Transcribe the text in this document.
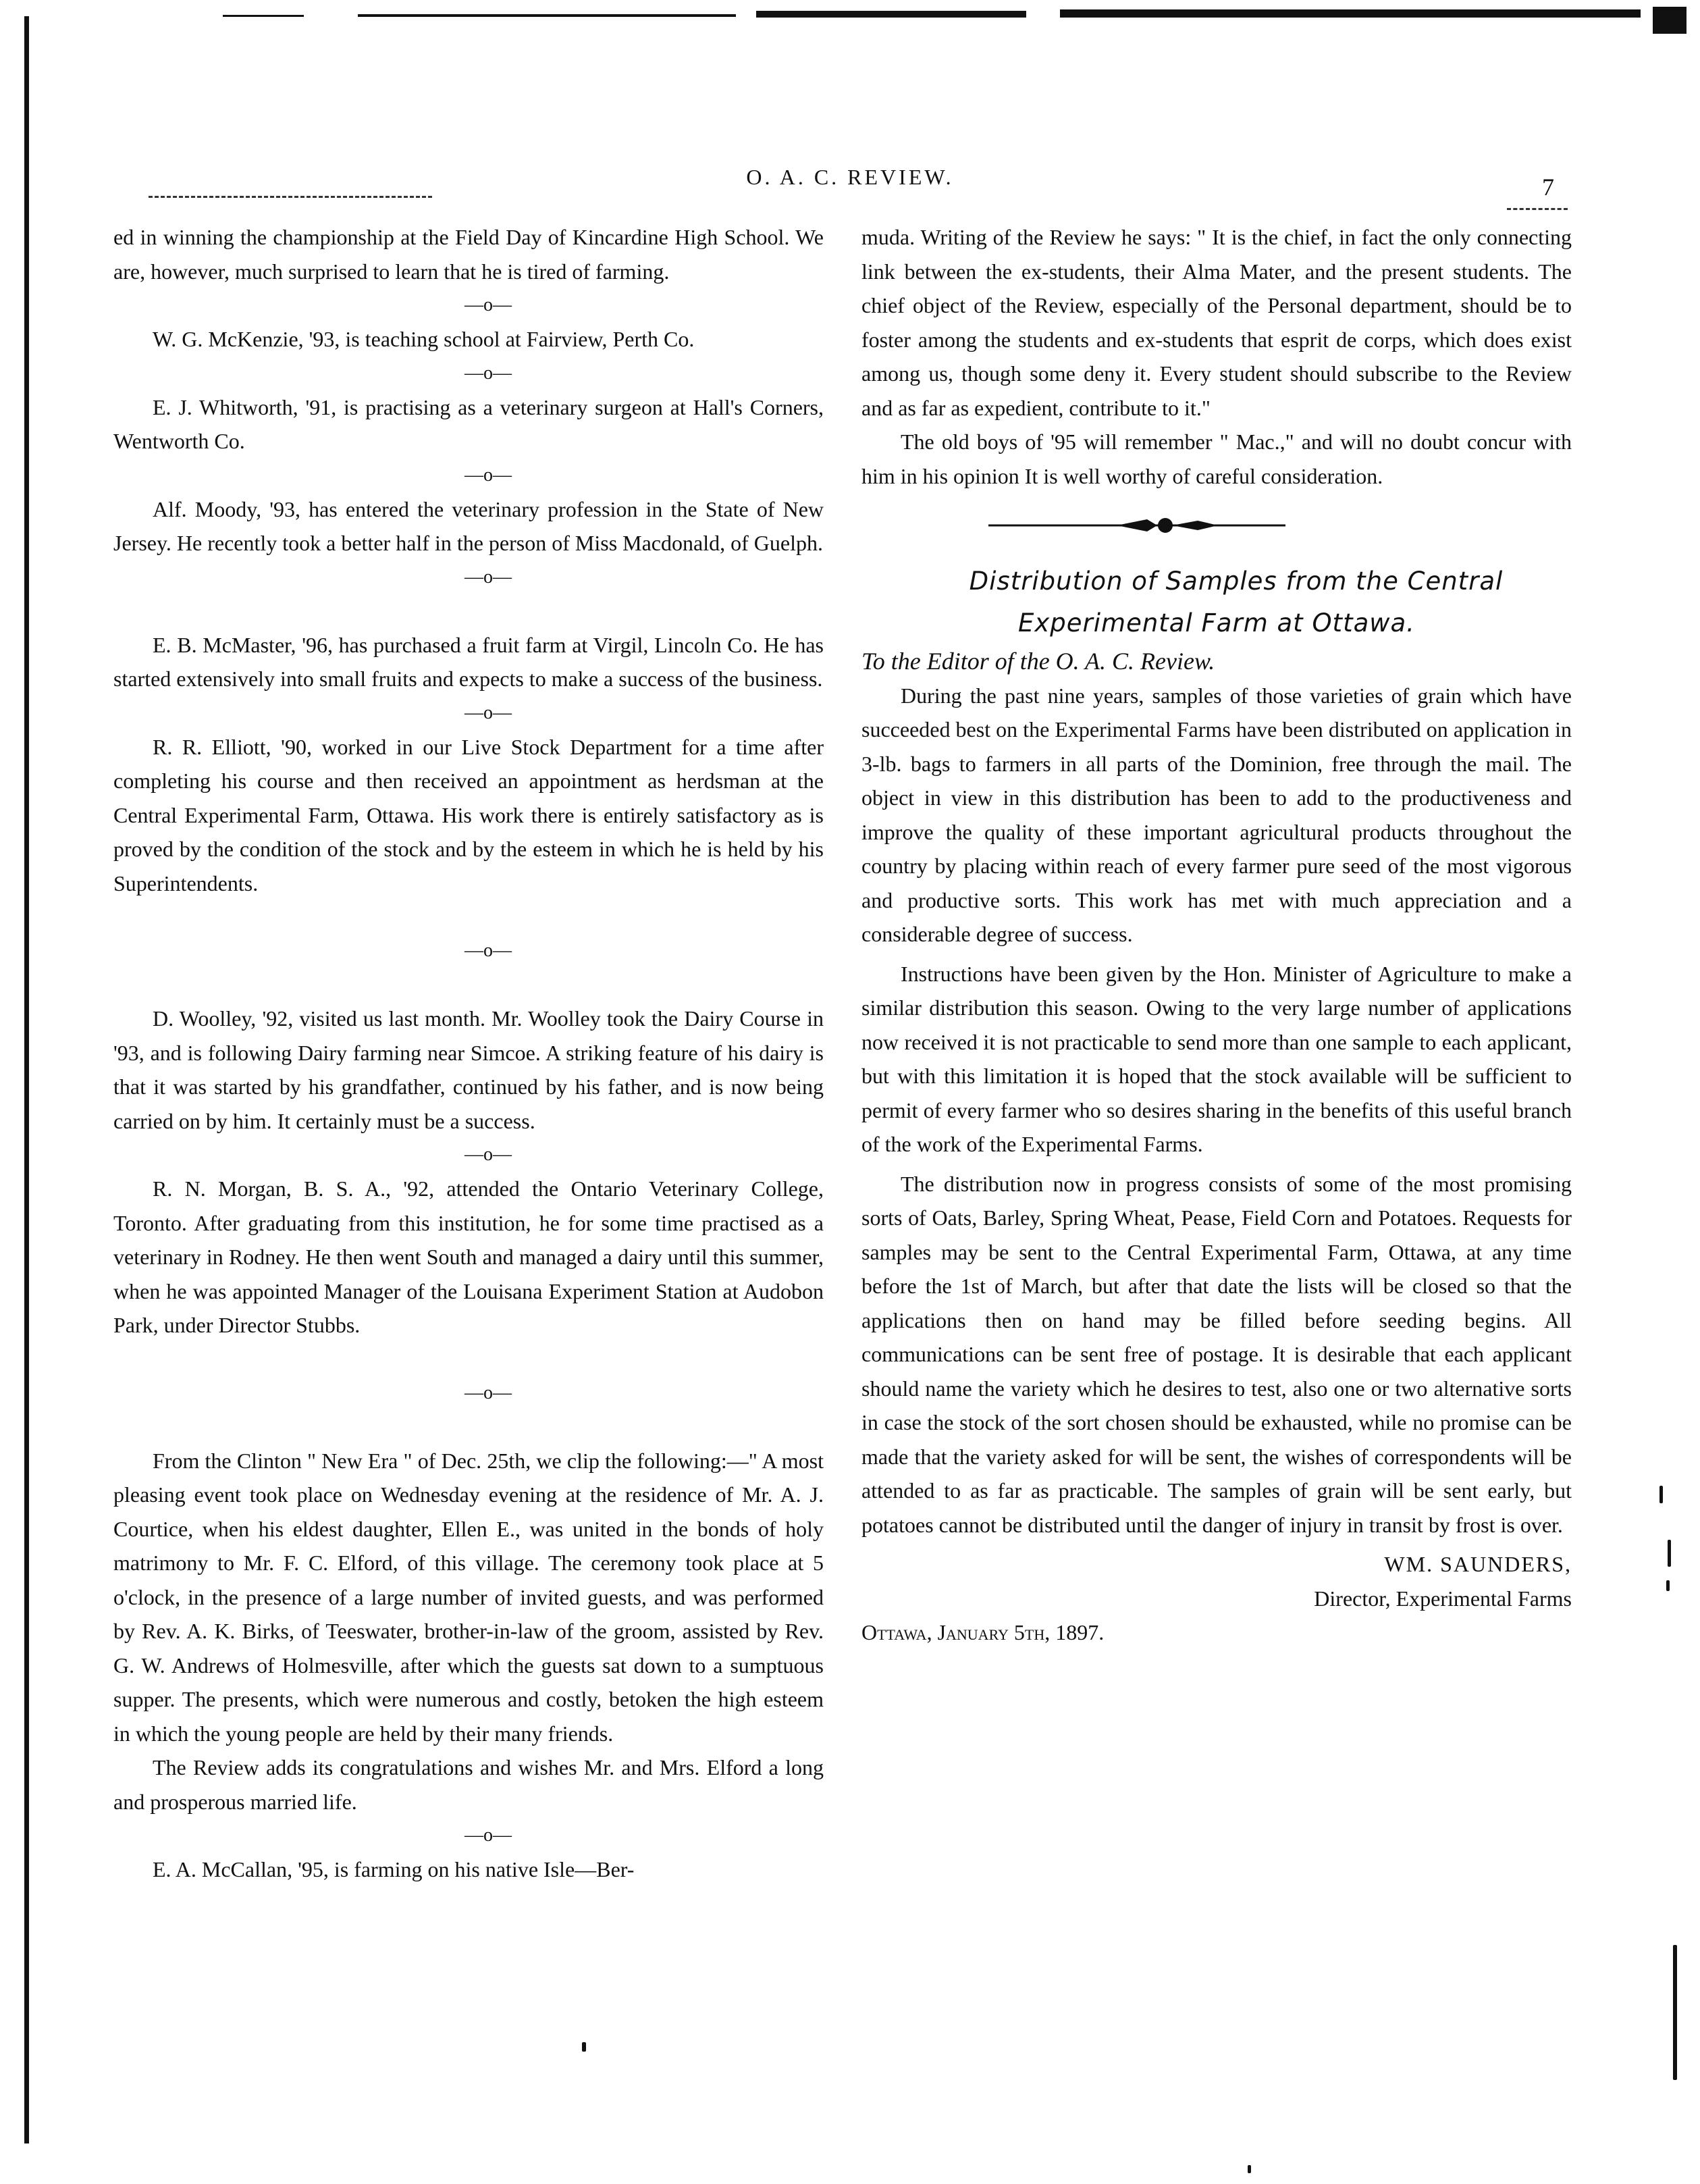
O. A. C. REVIEW.	7

ed in winning the championship at the Field Day of Kincardine High School. We are, however, much surprised to learn that he is tired of farming.

—o—

W. G. McKenzie, '93, is teaching school at Fairview, Perth Co.

—o—

E. J. Whitworth, '91, is practising as a veterinary surgeon at Hall's Corners, Wentworth Co.

—o—

Alf. Moody, '93, has entered the veterinary profession in the State of New Jersey. He recently took a better half in the person of Miss Macdonald, of Guelph.

—o—

E. B. McMaster, '96, has purchased a fruit farm at Virgil, Lincoln Co. He has started extensively into small fruits and expects to make a success of the business.

—o—

R. R. Elliott, '90, worked in our Live Stock Department for a time after completing his course and then received an appointment as herdsman at the Central Experimental Farm, Ottawa. His work there is entirely satisfactory as is proved by the condition of the stock and by the esteem in which he is held by his Superintendents.

—o—

D. Woolley, '92, visited us last month. Mr. Woolley took the Dairy Course in '93, and is following Dairy farming near Simcoe. A striking feature of his dairy is that it was started by his grandfather, continued by his father, and is now being carried on by him. It certainly must be a success.

—o—

R. N. Morgan, B. S. A., '92, attended the Ontario Veterinary College, Toronto. After graduating from this institution, he for some time practised as a veterinary in Rodney. He then went South and managed a dairy until this summer, when he was appointed Manager of the Louisana Experiment Station at Audobon Park, under Director Stubbs.

—o—

From the Clinton " New Era " of Dec. 25th, we clip the following:—" A most pleasing event took place on Wednesday evening at the residence of Mr. A. J. Courtice, when his eldest daughter, Ellen E., was united in the bonds of holy matrimony to Mr. F. C. Elford, of this village. The ceremony took place at 5 o'clock, in the presence of a large number of invited guests, and was performed by Rev. A. K. Birks, of Teeswater, brother-in-law of the groom, assisted by Rev. G. W. Andrews of Holmesville, after which the guests sat down to a sumptuous supper. The presents, which were numerous and costly, betoken the high esteem in which the young people are held by their many friends.

The Review adds its congratulations and wishes Mr. and Mrs. Elford a long and prosperous married life.

—o—

E. A. McCallan, '95, is farming on his native Isle—Ber-

muda. Writing of the Review he says: " It is the chief, in fact the only connecting link between the ex-students, their Alma Mater, and the present students. The chief object of the Review, especially of the Personal department, should be to foster among the students and ex-students that esprit de corps, which does exist among us, though some deny it. Every student should subscribe to the Review and as far as expedient, contribute to it."

The old boys of '95 will remember " Mac.," and will no doubt concur with him in his opinion It is well worthy of careful consideration.

Distribution of Samples from the Central Experimental Farm at Ottawa.

To the Editor of the O. A. C. Review.

During the past nine years, samples of those varieties of grain which have succeeded best on the Experimental Farms have been distributed on application in 3-lb. bags to farmers in all parts of the Dominion, free through the mail. The object in view in this distribution has been to add to the productiveness and improve the quality of these important agricultural products throughout the country by placing within reach of every farmer pure seed of the most vigorous and productive sorts. This work has met with much appreciation and a considerable degree of success.

Instructions have been given by the Hon. Minister of Agriculture to make a similar distribution this season. Owing to the very large number of applications now received it is not practicable to send more than one sample to each applicant, but with this limitation it is hoped that the stock available will be sufficient to permit of every farmer who so desires sharing in the benefits of this useful branch of the work of the Experimental Farms.

The distribution now in progress consists of some of the most promising sorts of Oats, Barley, Spring Wheat, Pease, Field Corn and Potatoes. Requests for samples may be sent to the Central Experimental Farm, Ottawa, at any time before the 1st of March, but after that date the lists will be closed so that the applications then on hand may be filled before seeding begins. All communications can be sent free of postage. It is desirable that each applicant should name the variety which he desires to test, also one or two alternative sorts in case the stock of the sort chosen should be exhausted, while no promise can be made that the variety asked for will be sent, the wishes of correspondents will be attended to as far as practicable. The samples of grain will be sent early, but potatoes cannot be distributed until the danger of injury in transit by frost is over.

WM. SAUNDERS,

Director, Experimental Farms

Ottawa, January 5th, 1897.
